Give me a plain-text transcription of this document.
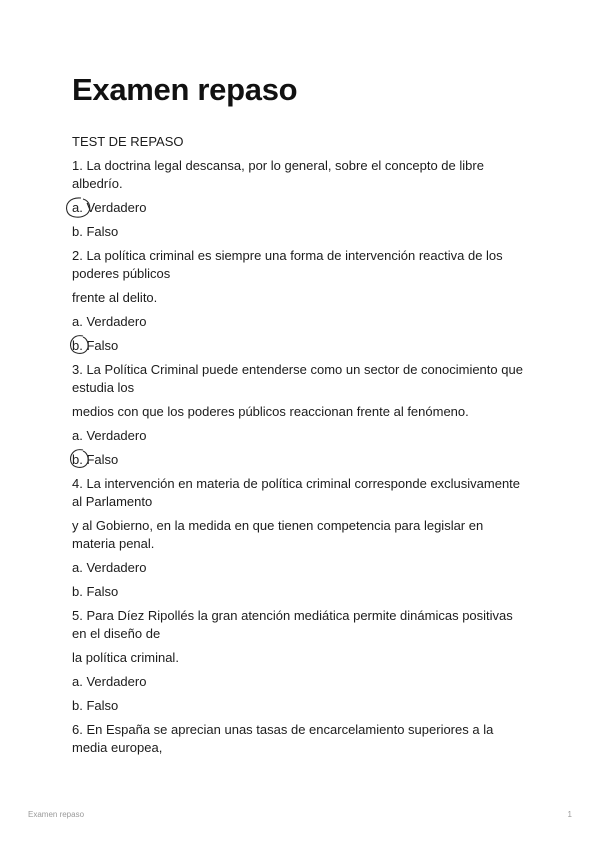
Examen repaso

TEST DE REPASO

1. La doctrina legal descansa, por lo general, sobre el concepto de libre albedrío.

a. Verdadero

b. Falso

2. La política criminal es siempre una forma de intervención reactiva de los poderes públicos

frente al delito.

a. Verdadero

b. Falso

3. La Política Criminal puede entenderse como un sector de conocimiento que estudia los

medios con que los poderes públicos reaccionan frente al fenómeno.

a. Verdadero

b. Falso

4. La intervención en materia de política criminal corresponde exclusivamente al Parlamento

y al Gobierno, en la medida en que tienen competencia para legislar en materia penal.

a. Verdadero

b. Falso

5. Para Díez Ripollés la gran atención mediática permite dinámicas positivas en el diseño de

la política criminal.

a. Verdadero

b. Falso

6. En España se aprecian unas tasas de encarcelamiento superiores a la media europea,

Examen repaso	1
